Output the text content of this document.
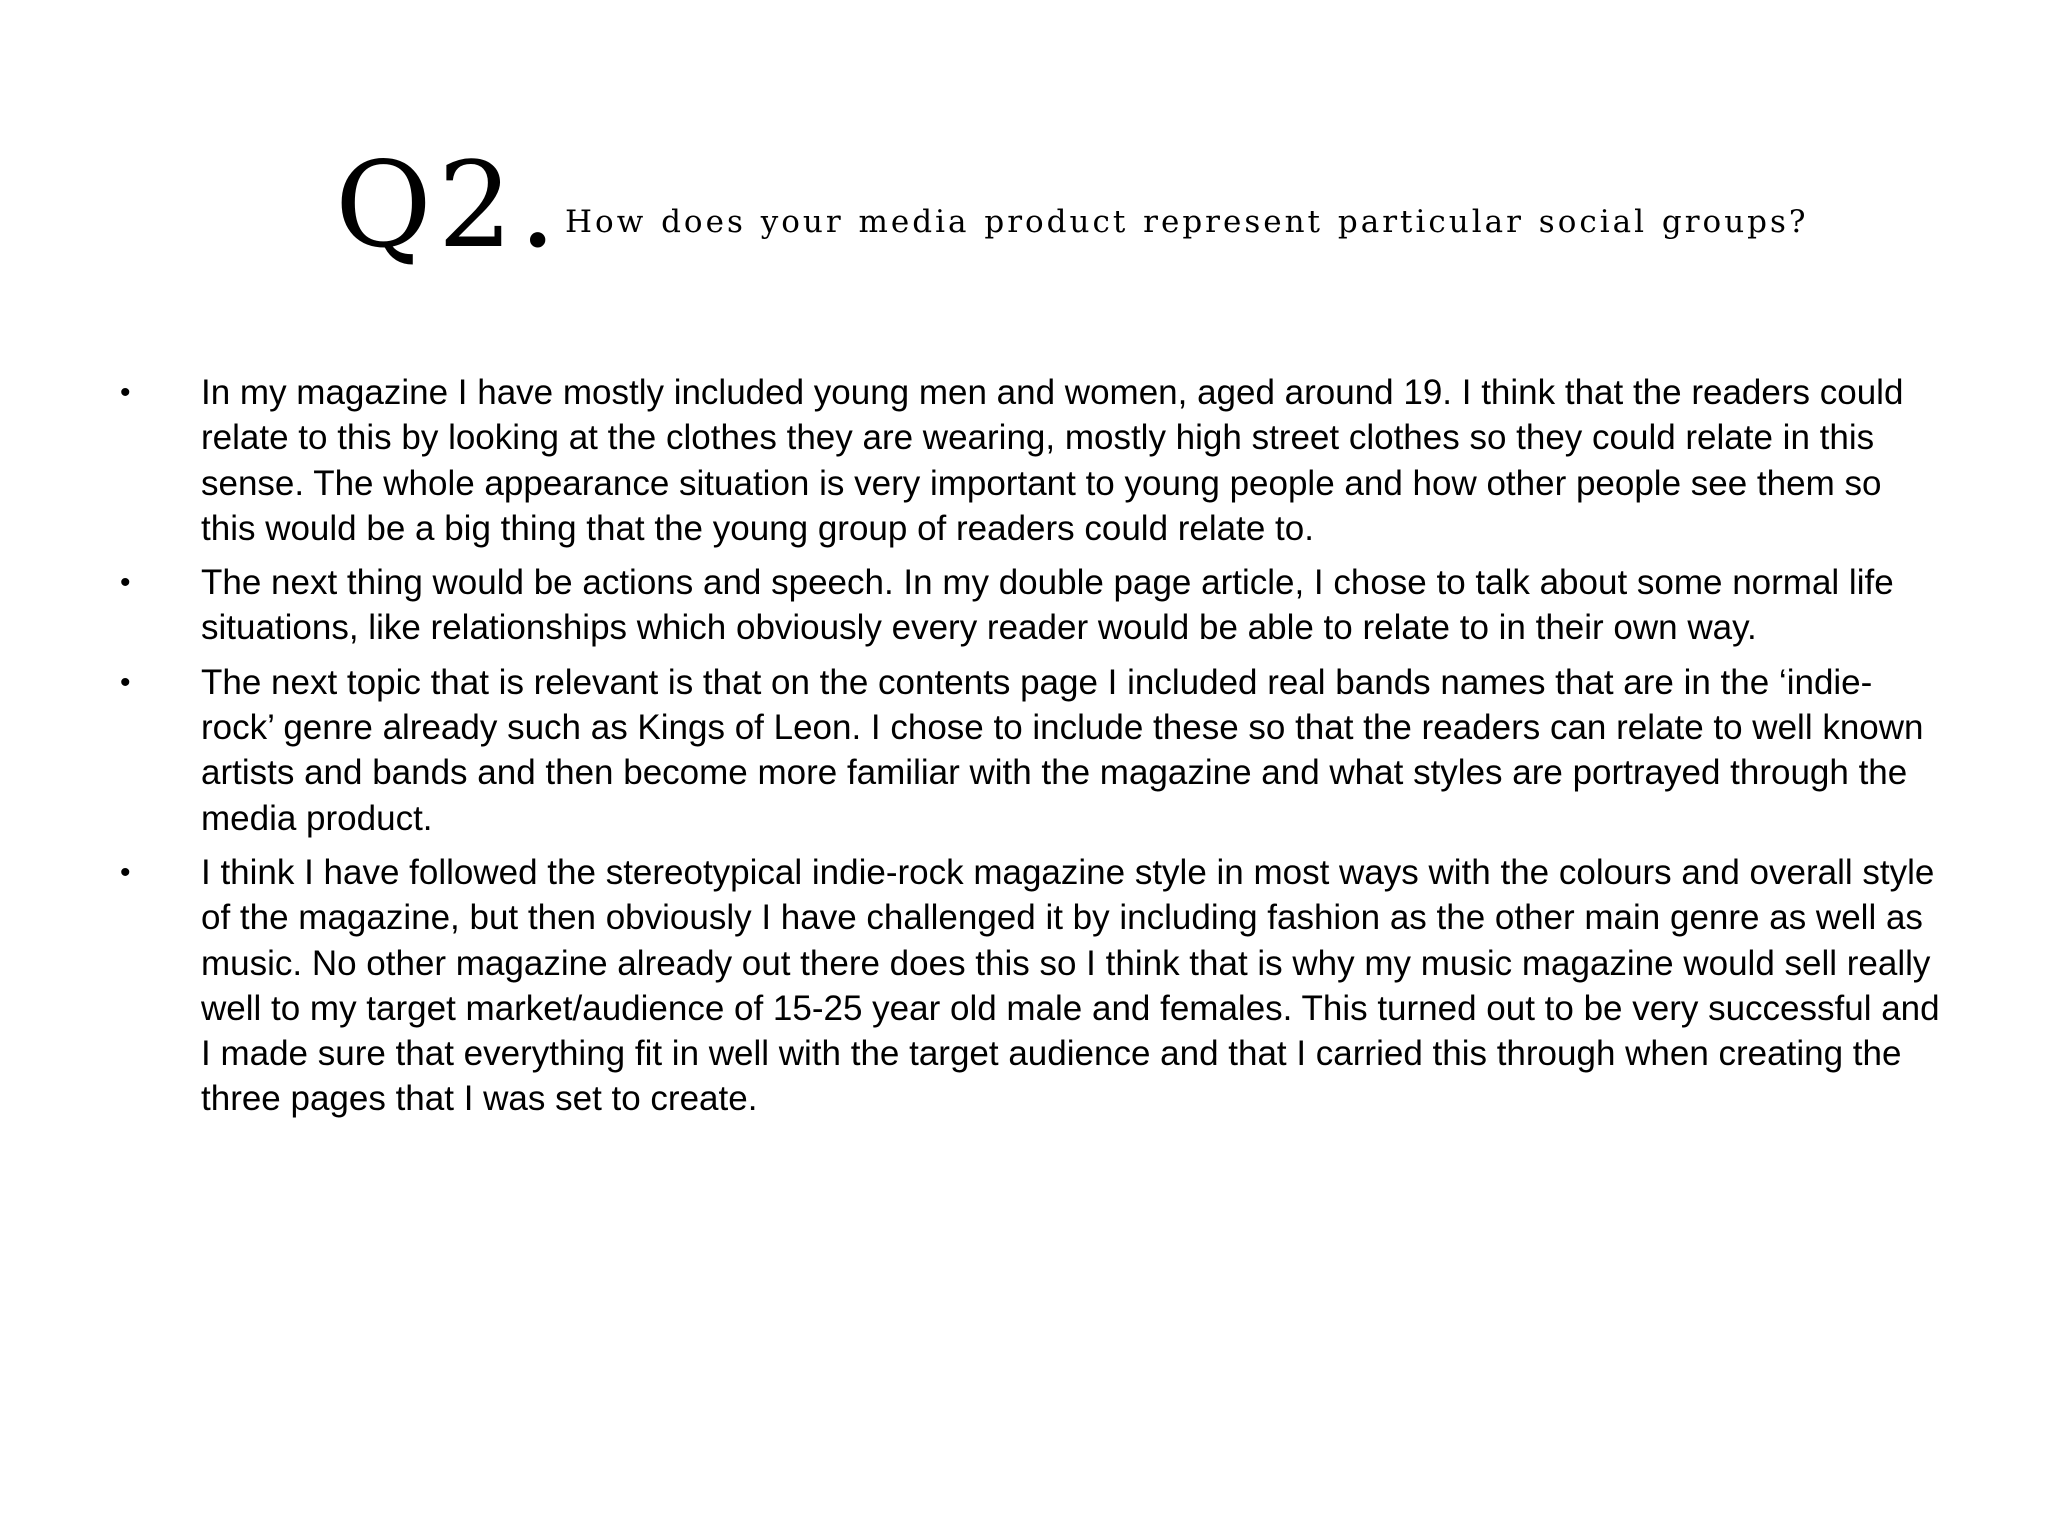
Q2. How does your media product represent particular social groups?
• In my magazine I have mostly included young men and women, aged around 19. I think that the readers could relate to this by looking at the clothes they are wearing, mostly high street clothes so they could relate in this sense. The whole appearance situation is very important to young people and how other people see them so this would be a big thing that the young group of readers could relate to.
• The next thing would be actions and speech. In my double page article, I chose to talk about some normal life situations, like relationships which obviously every reader would be able to relate to in their own way.
• The next topic that is relevant is that on the contents page I included real bands names that are in the ‘indie-rock’ genre already such as Kings of Leon. I chose to include these so that the readers can relate to well known artists and bands and then become more familiar with the magazine and what styles are portrayed through the media product.
• I think I have followed the stereotypical indie-rock magazine style in most ways with the colours and overall style of the magazine, but then obviously I have challenged it by including fashion as the other main genre as well as music. No other magazine already out there does this so I think that is why my music magazine would sell really well to my target market/audience of 15-25 year old male and females. This turned out to be very successful and I made sure that everything fit in well with the target audience and that I carried this through when creating the three pages that I was set to create.
